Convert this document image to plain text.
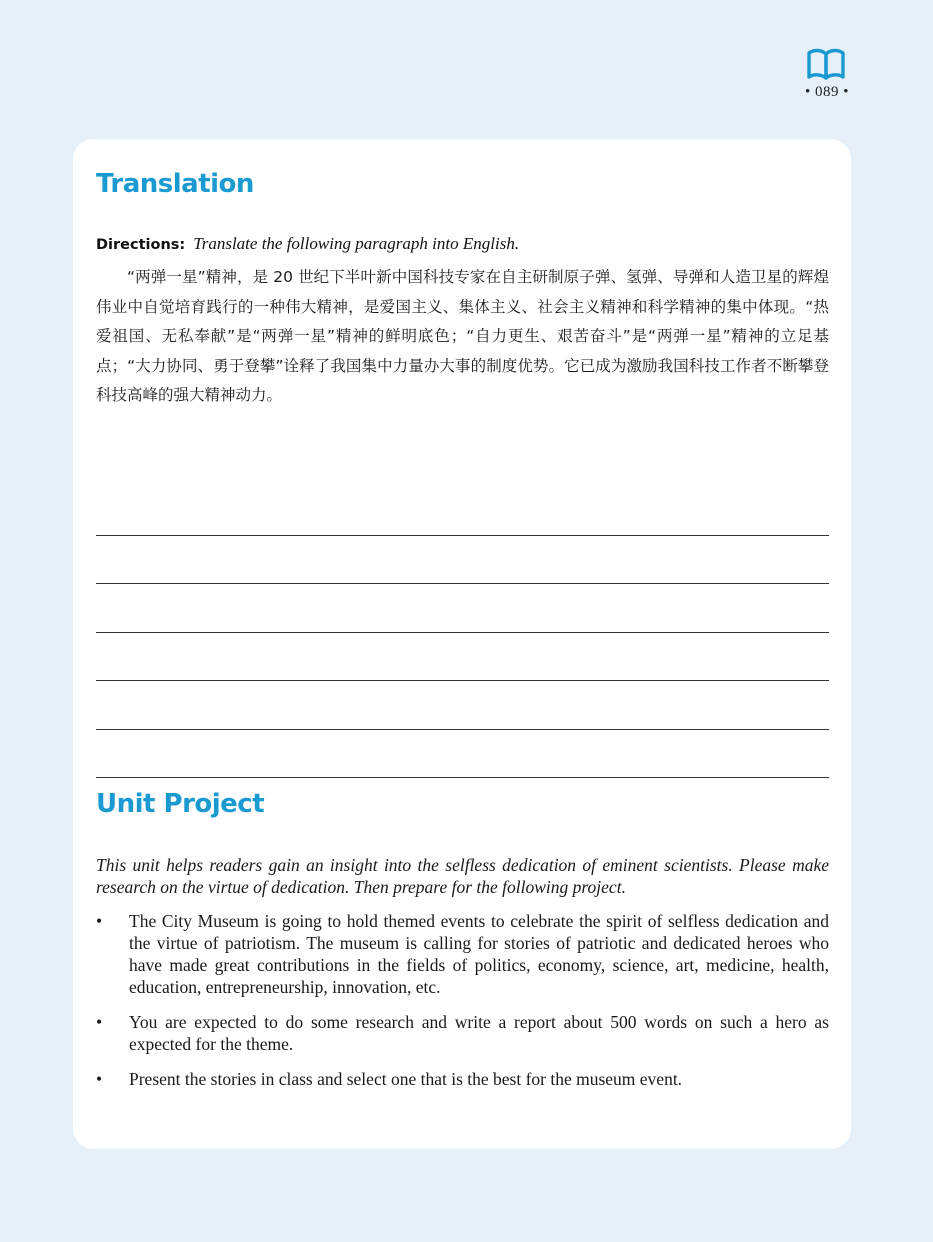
• 089 •
Translation
Directions: Translate the following paragraph into English.

“两弹一星”精神，是 20 世纪下半叶新中国科技专家在自主研制原子弹、氢弹、导弹和人造卫星的辉煌伟业中自觉培育践行的一种伟大精神，是爱国主义、集体主义、社会主义精神和科学精神的集中体现。“热爱祖国、无私奉献”是“两弹一星”精神的鲜明底色；“自力更生、艰苦奋斗”是“两弹一星”精神的立足基点；“大力协同、勇于登攀”诠释了我国集中力量办大事的制度优势。它已成为激励我国科技工作者不断攀登科技高峰的强大精神动力。

Unit Project

This unit helps readers gain an insight into the selfless dedication of eminent scientists. Please make research on the virtue of dedication. Then prepare for the following project.

• The City Museum is going to hold themed events to celebrate the spirit of selfless dedication and the virtue of patriotism. The museum is calling for stories of patriotic and dedicated heroes who have made great contributions in the fields of politics, economy, science, art, medicine, health, education, entrepreneurship, innovation, etc.
• You are expected to do some research and write a report about 500 words on such a hero as expected for the theme.
• Present the stories in class and select one that is the best for the museum event.
